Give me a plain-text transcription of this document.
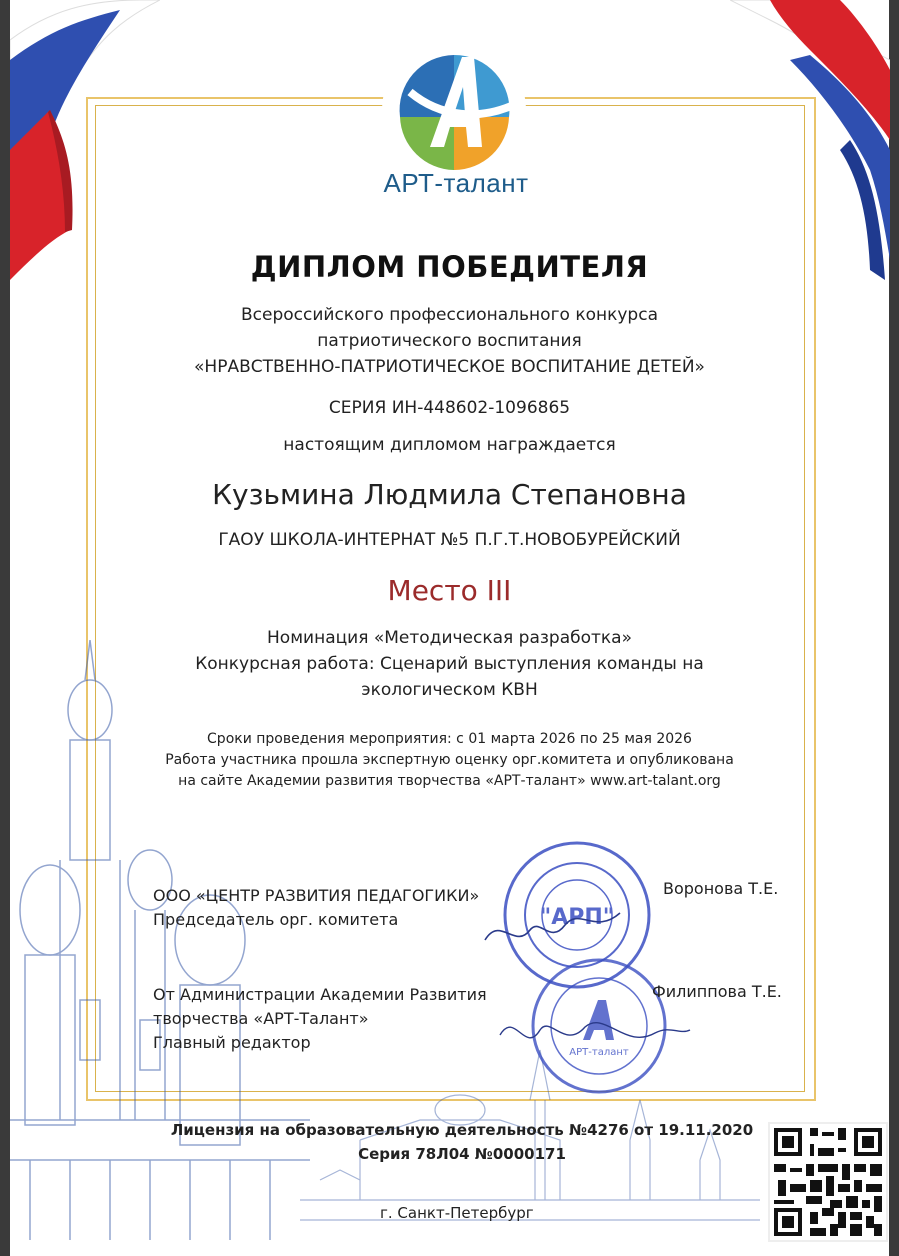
АРТ-талант
ДИПЛОМ ПОБЕДИТЕЛЯ
Всероссийского профессионального конкурса
патриотического воспитания
«НРАВСТВЕННО-ПАТРИОТИЧЕСКОЕ ВОСПИТАНИЕ ДЕТЕЙ»
СЕРИЯ ИН-448602-1096865
настоящим дипломом награждается
Кузьмина Людмила Степановна
ГАОУ ШКОЛА-ИНТЕРНАТ №5 П.Г.Т.НОВОБУРЕЙСКИЙ
Место III
Номинация «Методическая разработка»
Конкурсная работа: Сценарий выступления команды на
экологическом КВН
Сроки проведения мероприятия: с 01 марта 2026 по 25 мая 2026
Работа участника прошла экспертную оценку орг.комитета и опубликована
на сайте Академии развития творчества «АРТ-талант» www.art-talant.org
"АРП"
АРТ-талант
ООО «ЦЕНТР РАЗВИТИЯ ПЕДАГОГИКИ»
Председатель орг. комитета
Воронова Т.Е.
От Администрации Академии Развития
творчества «АРТ-Талант»
Главный редактор
Филиппова Т.Е.
Лицензия на образовательную деятельность №4276 от 19.11.2020
Серия 78Л04 №0000171
г. Санкт-Петербург
